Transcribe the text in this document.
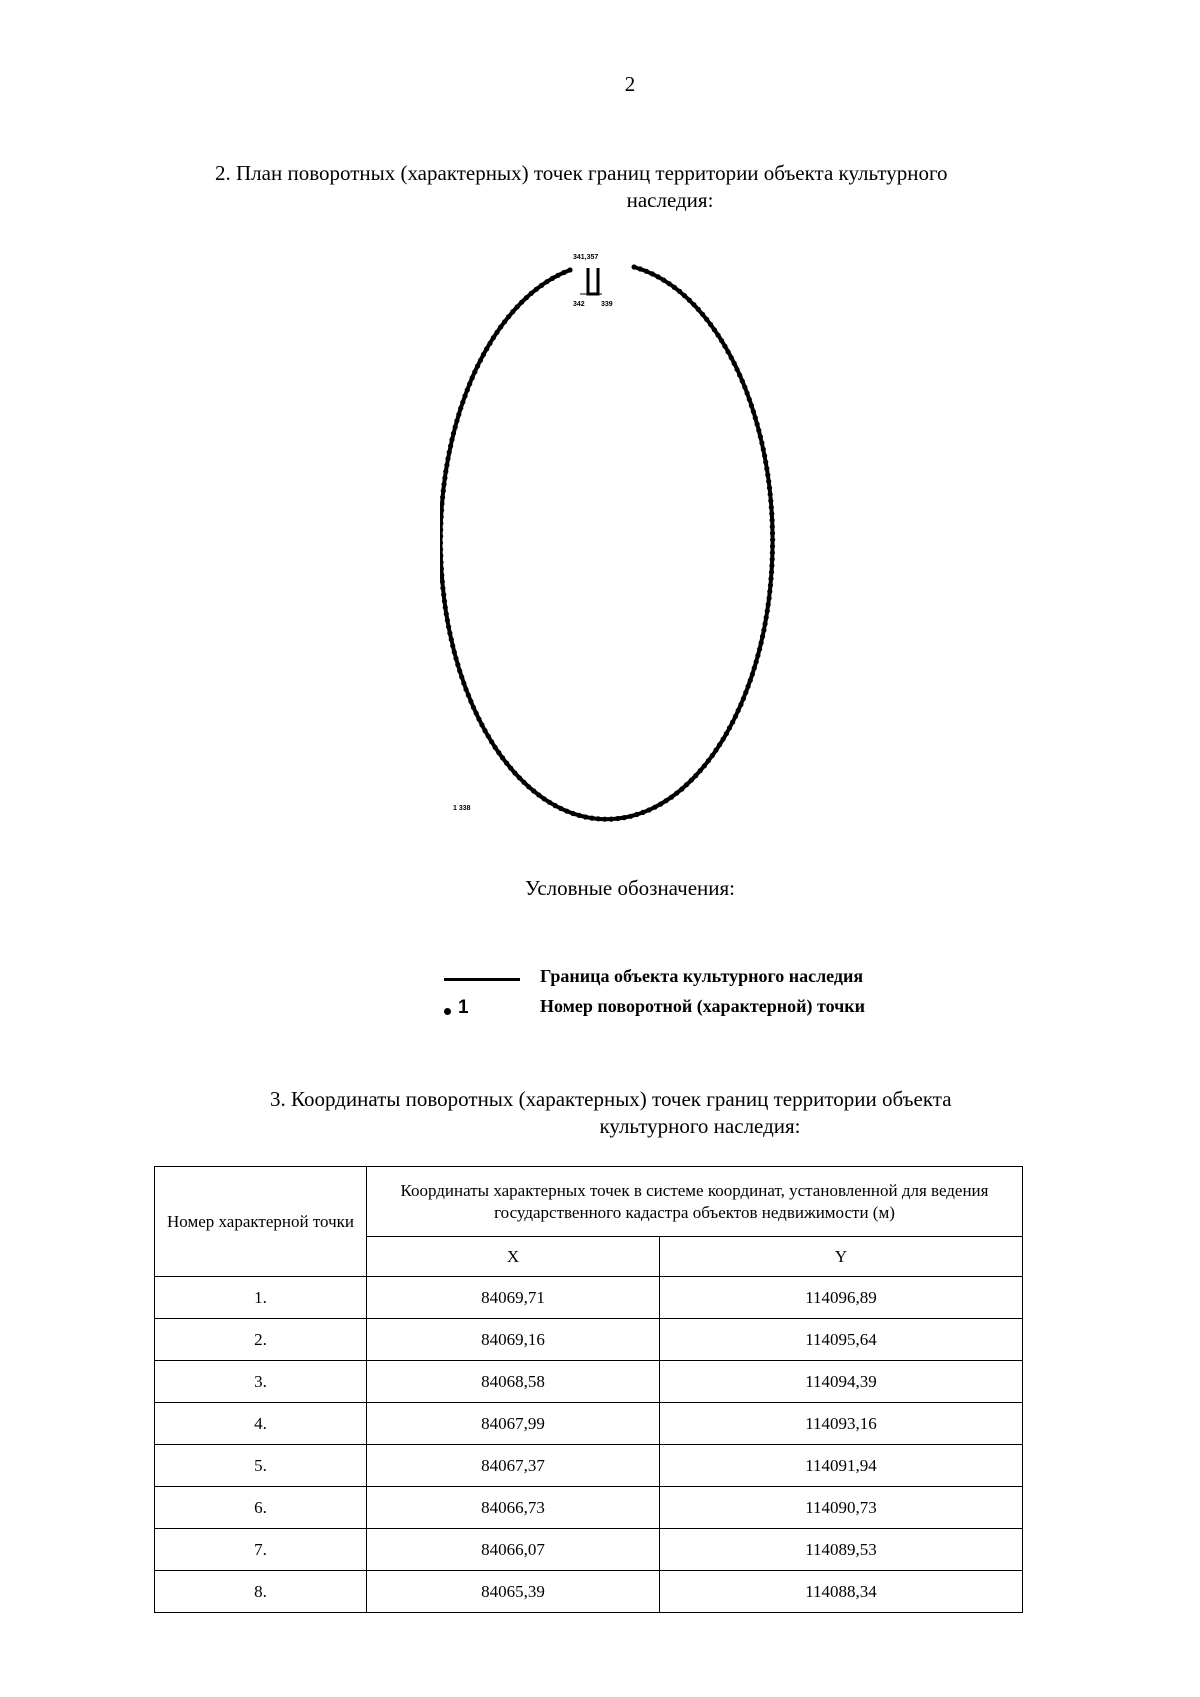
2
2. План поворотных (характерных) точек границ территории объекта культурного
наследия:
341,357
342 339
1 338
Условные обозначения:
Граница объекта культурного наследия
1	Номер поворотной (характерной) точки
3. Координаты поворотных (характерных) точек границ территории объекта
культурного наследия:
Номер характерной точки	Координаты характерных точек в системе координат, установленной для ведения государственного кадастра объектов недвижимости (м)	

	X	Y
1.	84069,71	114096,89
2.	84069,16	114095,64
3.	84068,58	114094,39
4.	84067,99	114093,16
5.	84067,37	114091,94
6.	84066,73	114090,73
7.	84066,07	114089,53
8.	84065,39	114088,34
